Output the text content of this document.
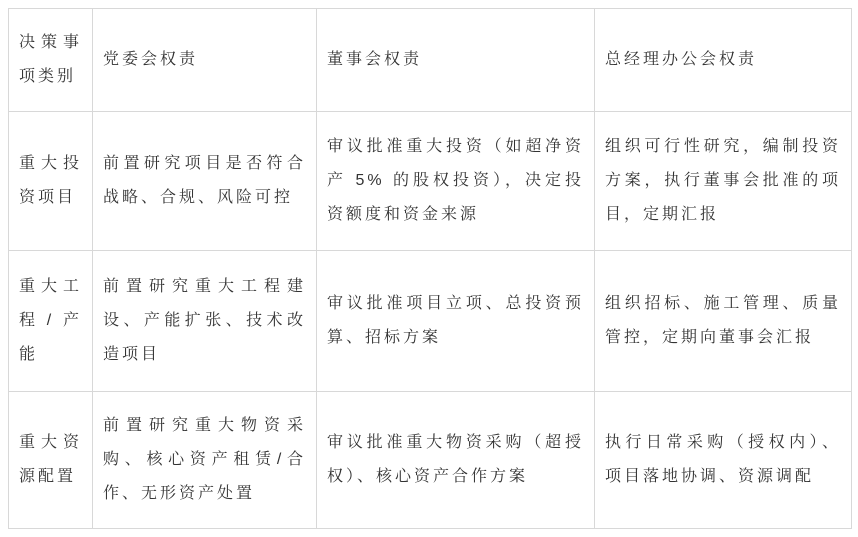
决策事项类别	党委会权责	董事会权责	总经理办公会权责
重大投资项目	前置研究项目是否符合战略、合规、风险可控	审议批准重大投资（如超净资产 5% 的股权投资），决定投资额度和资金来源	组织可行性研究，编制投资方案，执行董事会批准的项目，定期汇报
重大工程/产能	前置研究重大工程建设、产能扩张、技术改造项目	审议批准项目立项、总投资预算、招标方案	组织招标、施工管理、质量管控，定期向董事会汇报
重大资源配置	前置研究重大物资采购、核心资产租赁/合作、无形资产处置	审议批准重大物资采购（超授权）、核心资产合作方案	执行日常采购（授权内）、项目落地协调、资源调配
